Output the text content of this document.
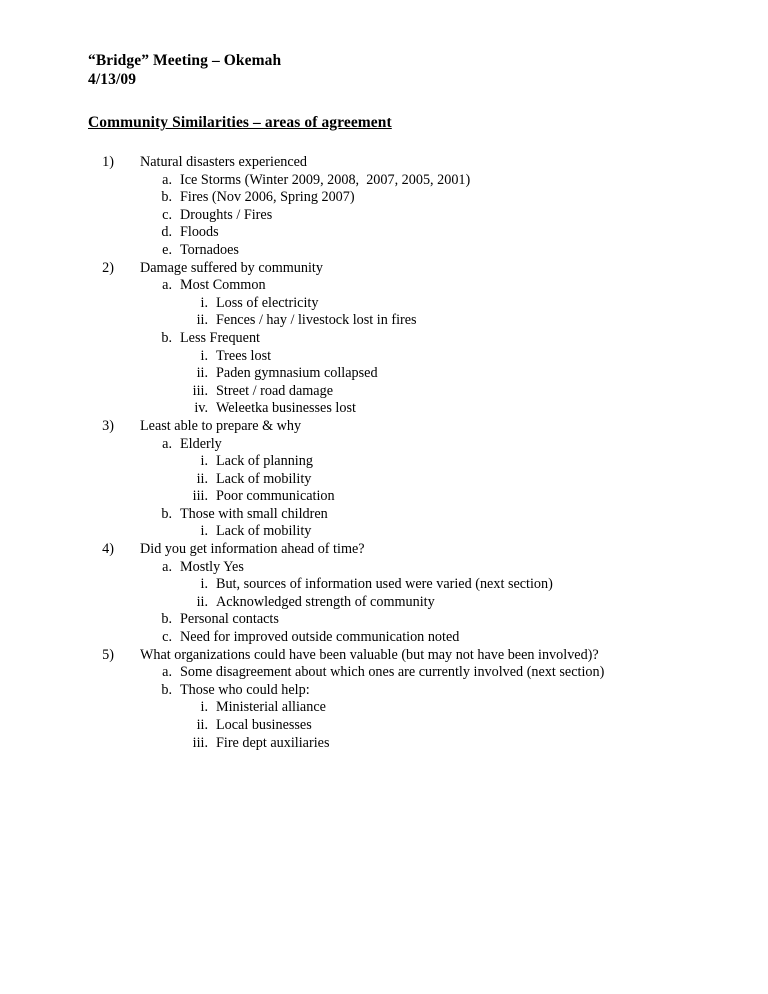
“Bridge” Meeting – Okemah
4/13/09
Community Similarities – areas of agreement
1) Natural disasters experienced
a. Ice Storms (Winter 2009, 2008,  2007, 2005, 2001)
b. Fires (Nov 2006, Spring 2007)
c. Droughts / Fires
d. Floods
e. Tornadoes
2) Damage suffered by community
a. Most Common
i. Loss of electricity
ii. Fences / hay / livestock lost in fires
b. Less Frequent
i. Trees lost
ii. Paden gymnasium collapsed
iii. Street / road damage
iv. Weleetka businesses lost
3) Least able to prepare & why
a. Elderly
i. Lack of planning
ii. Lack of mobility
iii. Poor communication
b. Those with small children
i. Lack of mobility
4) Did you get information ahead of time?
a. Mostly Yes
i. But, sources of information used were varied (next section)
ii. Acknowledged strength of community
b. Personal contacts
c. Need for improved outside communication noted
5) What organizations could have been valuable (but may not have been involved)?
a. Some disagreement about which ones are currently involved (next section)
b. Those who could help:
i. Ministerial alliance
ii. Local businesses
iii. Fire dept auxiliaries
